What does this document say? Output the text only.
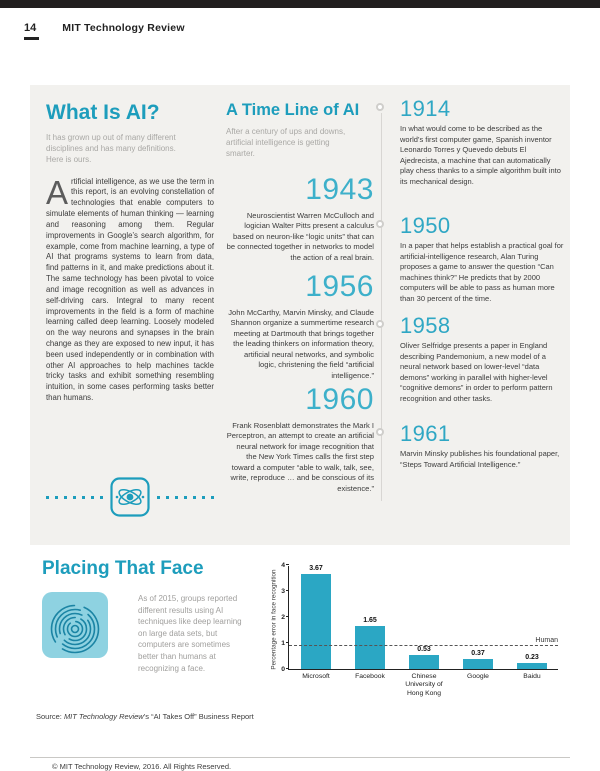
14 MIT Technology Review
What Is AI?
It has grown up out of many different disciplines and has many definitions. Here is ours.
Artificial intelligence, as we use the term in this report, is an evolving constellation of technologies that enable computers to simulate elements of human thinking — learning and reasoning among them. Regular improvements in Google’s search algorithm, for example, come from machine learning, a type of AI that programs systems to learn from data, find patterns in it, and make predictions about it. The same technology has been pivotal to voice and image recognition as well as advances in self-driving cars. Integral to many recent improvements in the field is a form of machine learning called deep learning. Loosely modeled on the way neurons and synapses in the brain change as they are exposed to new input, it has been used independently or in combination with other AI approaches to help machines tackle tricky tasks and exhibit something resembling intuition, in some cases performing tasks better than humans.
A Time Line of AI
After a century of ups and downs, artificial intelligence is getting smarter.
1943
Neuroscientist Warren McCulloch and logician Walter Pitts present a calculus based on neuron-like “logic units” that can be connected together in networks to model the action of a real brain.
1956
John McCarthy, Marvin Minsky, and Claude Shannon organize a summertime research meeting at Dartmouth that brings together the leading thinkers on information theory, artificial neural networks, and symbolic logic, christening the field “artificial intelligence.”
1960
Frank Rosenblatt demonstrates the Mark I Perceptron, an attempt to create an artificial neural network for image recognition that the New York Times calls the first step toward a computer “able to walk, talk, see, write, reproduce … and be conscious of its existence.”
1914
In what would come to be described as the world’s first computer game, Spanish inventor Leonardo Torres y Quevedo debuts El Ajedrecista, a machine that can automatically play chess thanks to a simple algorithm built into its mechanical design.
1950
In a paper that helps establish a practical goal for artificial-intelligence research, Alan Turing proposes a game to answer the question “Can machines think?” He predicts that by 2000 computers will be able to pass as human more than 30 percent of the time.
1958
Oliver Selfridge presents a paper in England describing Pandemonium, a new model of a neural network based on lower-level “data demons” working in parallel with higher-level “cognitive demons” in order to perform pattern recognition and other tasks.
1961
Marvin Minsky publishes his foundational paper, “Steps Toward Artificial Intelligence.”
Placing That Face
As of 2015, groups reported different results using AI techniques like deep learning on large data sets, but computers are sometimes better than humans at recognizing a face.	Percentage error in face recognition 0
1
2
3
4	3.67
Microsoft
1.65
Facebook
0.53
Chinese University of Hong Kong
0.37
Google
0.23
Baidu
Human
Source: MIT Technology Review’s “AI Takes Off” Business Report
© MIT Technology Review, 2016. All Rights Reserved.
